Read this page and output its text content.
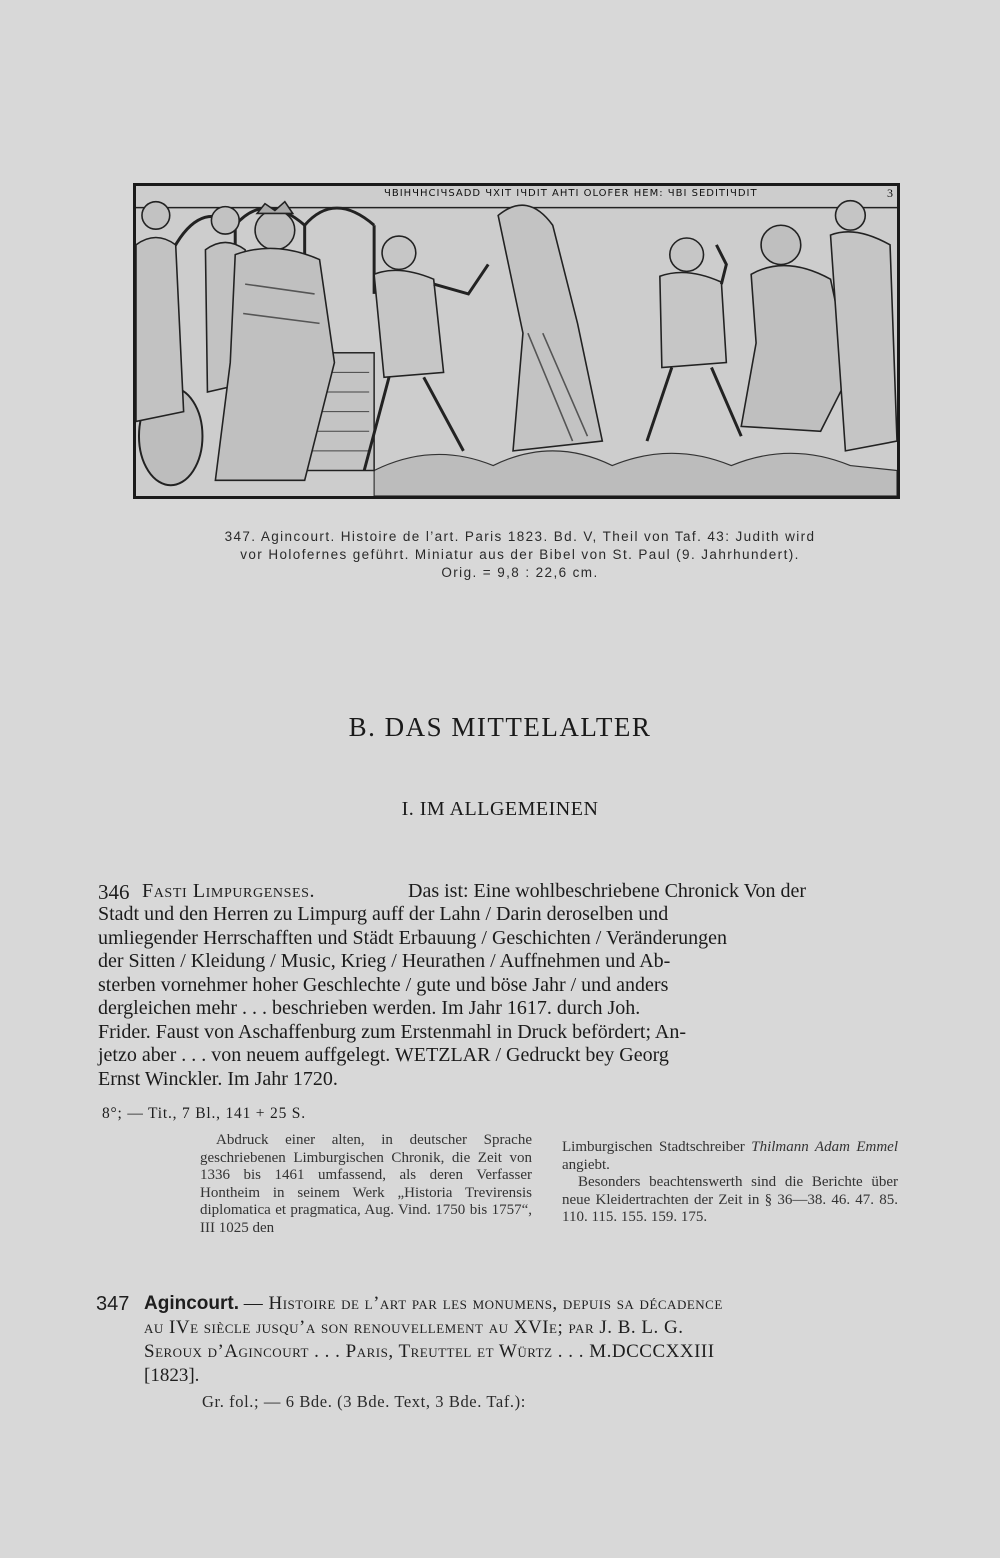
ЧBIHЧHCIЧSADD ЧXIT IЧDIT AHTI OLOFER HEM: ЧBI SEDITIЧDIT	3
347. Agincourt. Histoire de l’art. Paris 1823. Bd. V, Theil von Taf. 43: Judith wird
vor Holofernes geführt. Miniatur aus der Bibel von St. Paul (9. Jahrhundert).
Orig. = 9,8 : 22,6 cm.
B. DAS MITTELALTER
I. IM ALLGEMEINEN
346 Fasti Limpurgenses.	Das ist: Eine wohlbeschriebene Chronick Von der
Stadt und den Herren zu Limpurg auff der Lahn / Darin deroselben und
umliegender Herrschafften und Städt Erbauung / Geschichten / Veränderungen
der Sitten / Kleidung / Music, Krieg / Heurathen / Auffnehmen und Ab-
sterben vornehmer hoher Geschlechte / gute und böse Jahr / und anders
dergleichen mehr . . . beschrieben werden. Im Jahr 1617. durch Joh.
Frider. Faust von Aschaffenburg zum Erstenmahl in Druck befördert; An-
jetzo aber . . . von neuem auffgelegt. WETZLAR / Gedruckt bey Georg
Ernst Winckler. Im Jahr 1720.
8°; — Tit., 7 Bl., 141 + 25 S.

Abdruck einer alten, in deutscher Sprache geschriebenen Limburgischen Chronik, die Zeit von 1336 bis 1461 umfassend, als deren Verfasser Hontheim in seinem Werk „Historia Trevirensis diplomatica et pragmatica, Aug. Vind. 1750 bis 1757“, III 1025 den

Limburgischen Stadtschreiber Thilmann Adam Emmel angiebt.

Besonders beachtenswerth sind die Berichte über neue Kleidertrachten der Zeit in § 36—38. 46. 47. 85. 110. 115. 155. 159. 175.

347 Agincourt. — Histoire de l’art par les monumens, depuis sa décadence
au IVe siècle jusqu’a son renouvellement au XVIe; par J. B. L. G.
Seroux d’Agincourt . . . Paris, Treuttel et Würtz . . . M.DCCCXXIII
[1823].
Gr. fol.; — 6 Bde. (3 Bde. Text, 3 Bde. Taf.):
